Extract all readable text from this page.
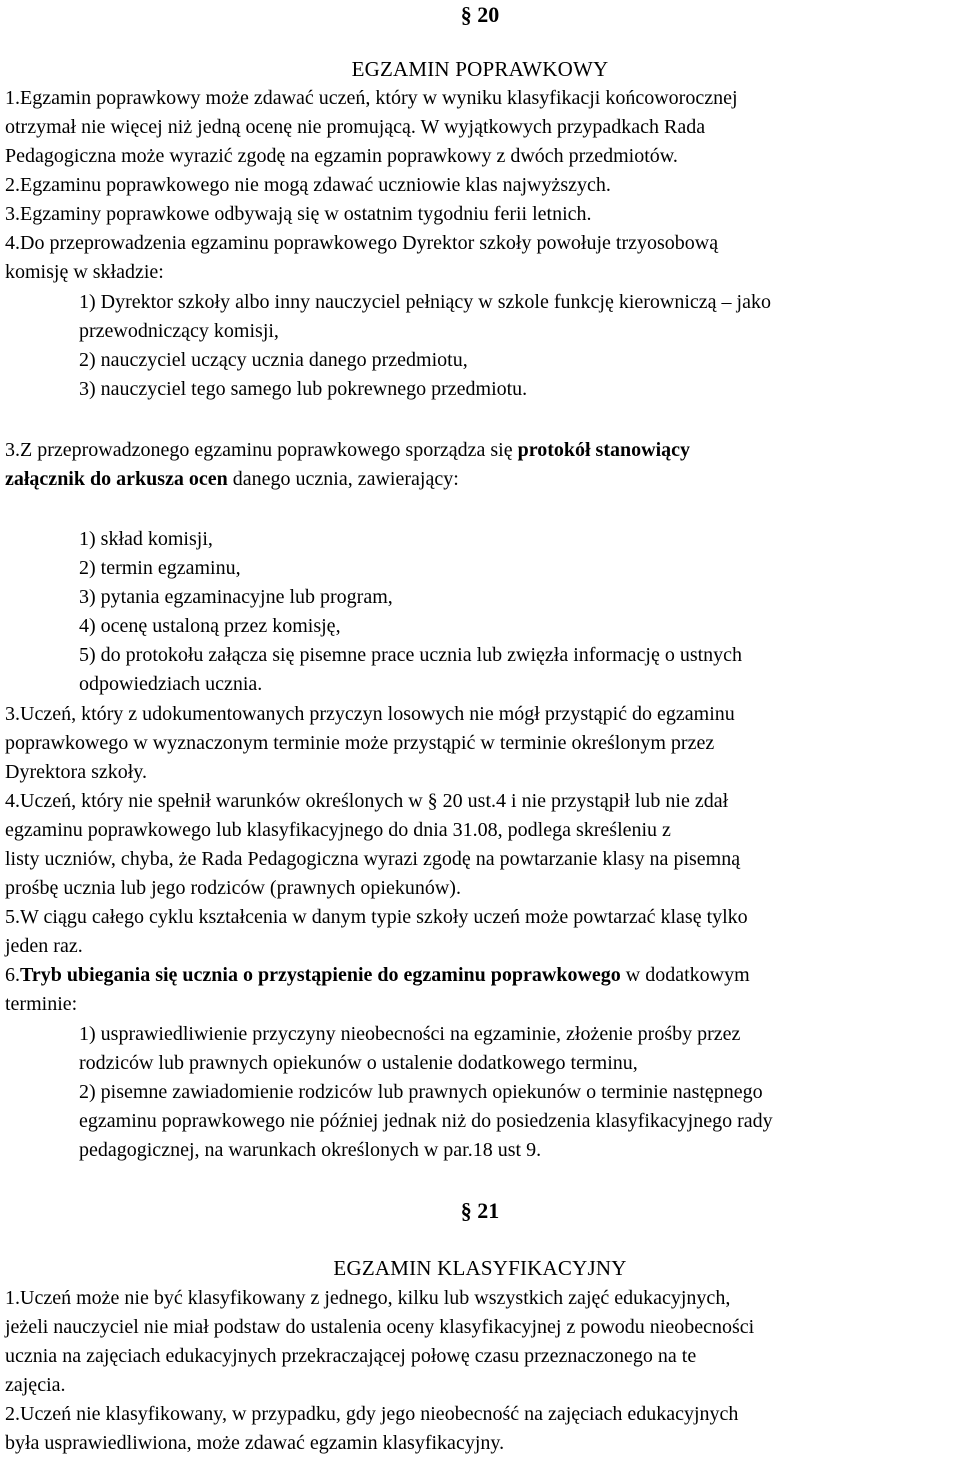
§ 20
EGZAMIN POPRAWKOWY
1.Egzamin poprawkowy może zdawać uczeń, który w wyniku klasyfikacji końcoworocznej
otrzymał nie więcej niż jedną ocenę nie promującą. W wyjątkowych przypadkach Rada
Pedagogiczna może wyrazić zgodę na egzamin poprawkowy z dwóch przedmiotów.
2.Egzaminu poprawkowego nie mogą zdawać uczniowie klas najwyższych.
3.Egzaminy poprawkowe odbywają się w ostatnim tygodniu ferii letnich.
4.Do przeprowadzenia egzaminu poprawkowego Dyrektor szkoły powołuje trzyosobową
komisję w składzie:
1) Dyrektor szkoły albo inny nauczyciel pełniący w szkole funkcję kierowniczą – jako
przewodniczący komisji,
2) nauczyciel uczący ucznia danego przedmiotu,
3) nauczyciel tego samego lub pokrewnego przedmiotu.
3.Z przeprowadzonego egzaminu poprawkowego sporządza się protokół stanowiący
załącznik do arkusza ocen danego ucznia, zawierający:
1) skład komisji,
2) termin egzaminu,
3) pytania egzaminacyjne lub program,
4) ocenę ustaloną przez komisję,
5) do protokołu załącza się pisemne prace ucznia lub zwięzła informację o ustnych
odpowiedziach ucznia.
3.Uczeń, który z udokumentowanych przyczyn losowych nie mógł przystąpić do egzaminu
poprawkowego w wyznaczonym terminie może przystąpić w terminie określonym przez
Dyrektora szkoły.
4.Uczeń, który nie spełnił warunków określonych w § 20 ust.4 i nie przystąpił lub nie zdał
egzaminu poprawkowego lub klasyfikacyjnego do dnia 31.08, podlega skreśleniu z
listy uczniów, chyba, że Rada Pedagogiczna wyrazi zgodę na powtarzanie klasy na pisemną
prośbę ucznia lub jego rodziców (prawnych opiekunów).
5.W ciągu całego cyklu kształcenia w danym typie szkoły uczeń może powtarzać klasę tylko
jeden raz.
6.Tryb ubiegania się ucznia o przystąpienie do egzaminu poprawkowego w dodatkowym
terminie:
1) usprawiedliwienie przyczyny nieobecności na egzaminie, złożenie prośby przez
rodziców lub prawnych opiekunów o ustalenie dodatkowego terminu,
2) pisemne zawiadomienie rodziców lub prawnych opiekunów o terminie następnego
egzaminu poprawkowego nie później jednak niż do posiedzenia klasyfikacyjnego rady
pedagogicznej, na warunkach określonych w par.18 ust 9.
§ 21
EGZAMIN KLASYFIKACYJNY
1.Uczeń może nie być klasyfikowany z jednego, kilku lub wszystkich zajęć edukacyjnych,
jeżeli nauczyciel nie miał podstaw do ustalenia oceny klasyfikacyjnej z powodu nieobecności
ucznia na zajęciach edukacyjnych przekraczającej połowę czasu przeznaczonego na te
zajęcia.
2.Uczeń nie klasyfikowany, w przypadku, gdy jego nieobecność na zajęciach edukacyjnych
była usprawiedliwiona, może zdawać egzamin klasyfikacyjny.
